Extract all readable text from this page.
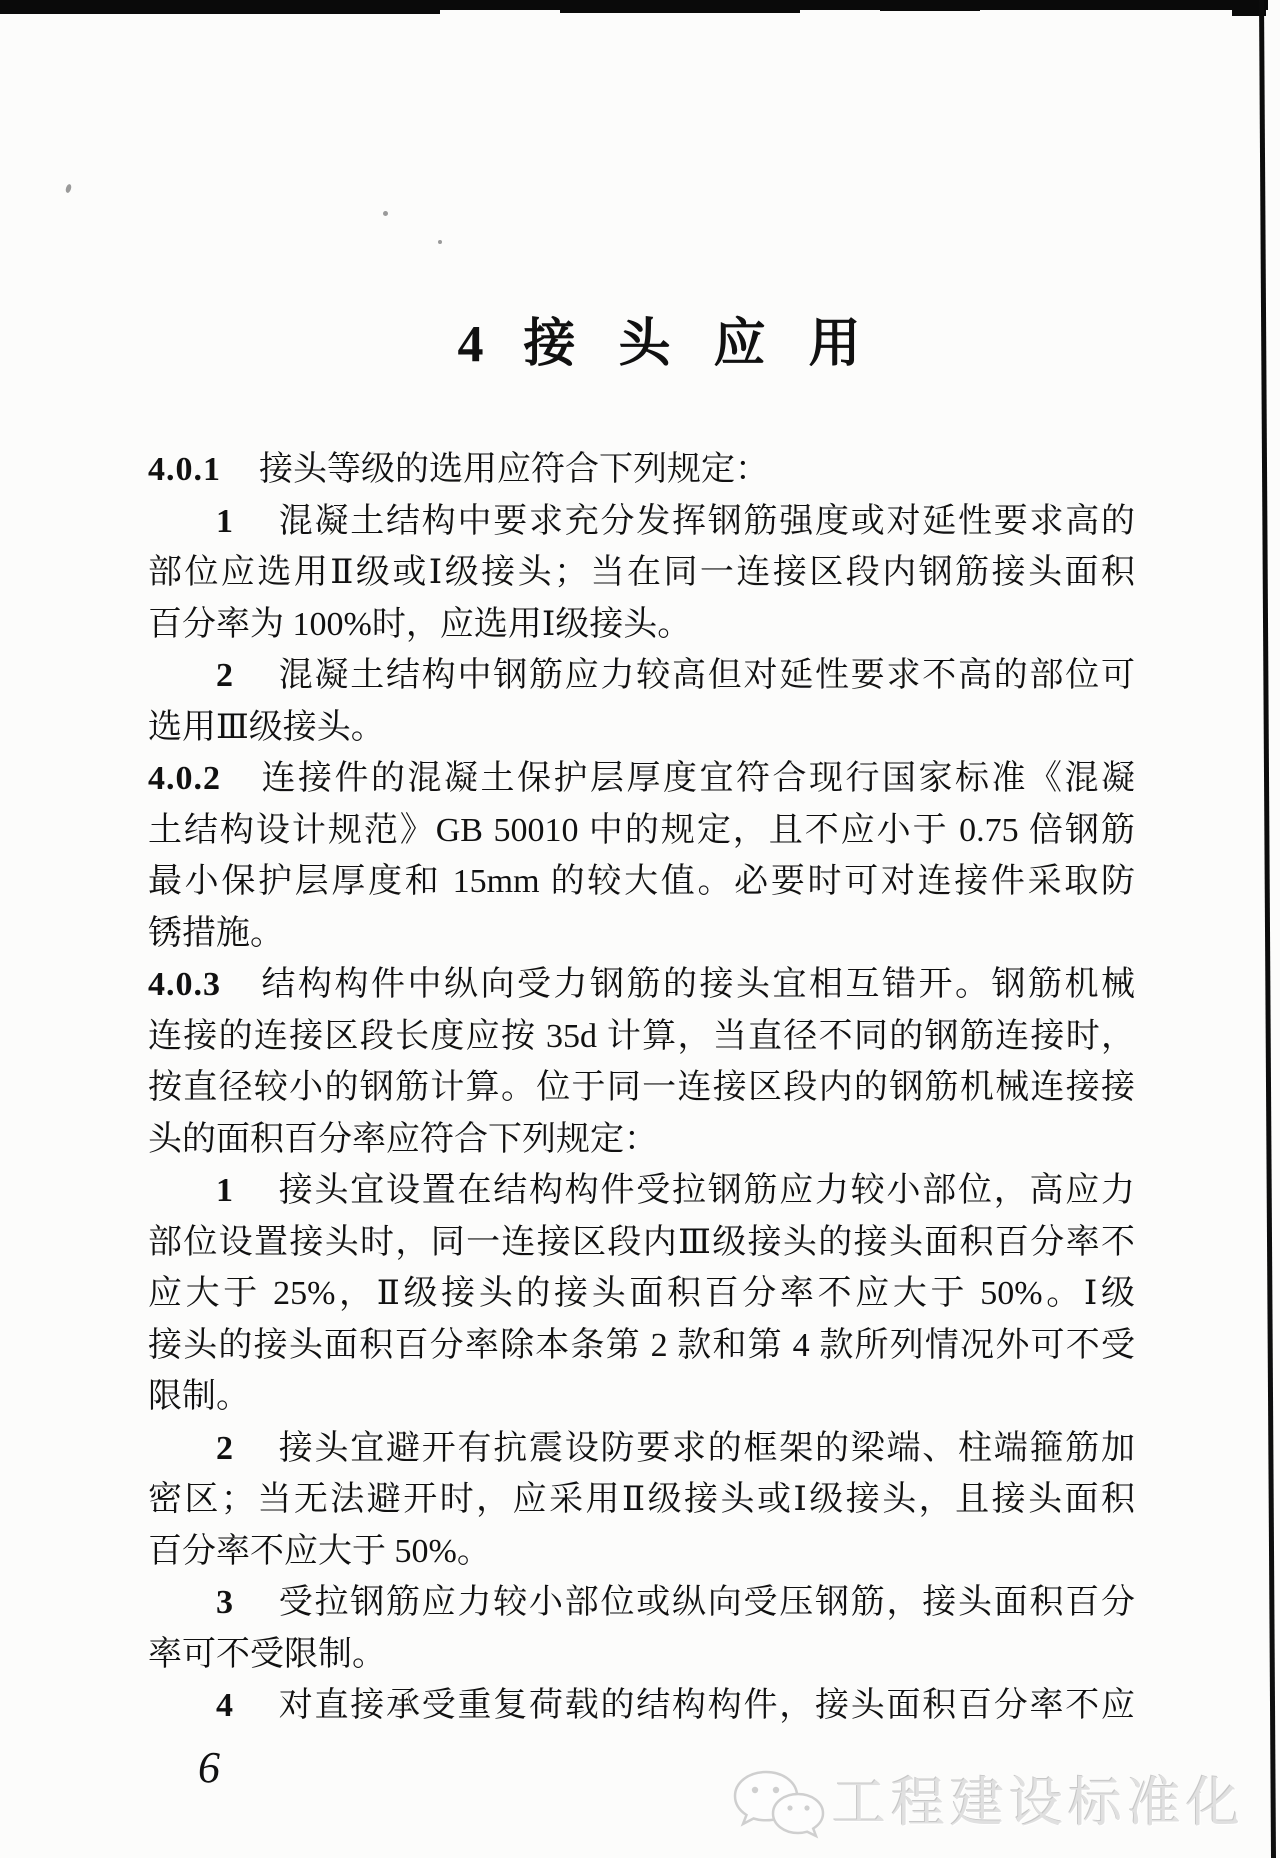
4 接 头 应 用
4.0.1 接头等级的选用应符合下列规定：
1 混凝土结构中要求充分发挥钢筋强度或对延性要求高的
部位应选用Ⅱ级或Ⅰ级接头；当在同一连接区段内钢筋接头面积
百分率为 100%时，应选用Ⅰ级接头。
2 混凝土结构中钢筋应力较高但对延性要求不高的部位可
选用Ⅲ级接头。
4.0.2 连接件的混凝土保护层厚度宜符合现行国家标准《混凝
土结构设计规范》GB 50010 中的规定，且不应小于 0.75 倍钢筋
最小保护层厚度和 15mm 的较大值。必要时可对连接件采取防
锈措施。
4.0.3 结构构件中纵向受力钢筋的接头宜相互错开。钢筋机械
连接的连接区段长度应按 35d 计算，当直径不同的钢筋连接时，
按直径较小的钢筋计算。位于同一连接区段内的钢筋机械连接接
头的面积百分率应符合下列规定：
1 接头宜设置在结构构件受拉钢筋应力较小部位，高应力
部位设置接头时，同一连接区段内Ⅲ级接头的接头面积百分率不
应大于 25%，Ⅱ级接头的接头面积百分率不应大于 50%。Ⅰ级
接头的接头面积百分率除本条第 2 款和第 4 款所列情况外可不受
限制。
2 接头宜避开有抗震设防要求的框架的梁端、柱端箍筋加
密区；当无法避开时，应采用Ⅱ级接头或Ⅰ级接头，且接头面积
百分率不应大于 50%。
3 受拉钢筋应力较小部位或纵向受压钢筋，接头面积百分
率可不受限制。
4 对直接承受重复荷载的结构构件，接头面积百分率不应
6
工程建设标准化
